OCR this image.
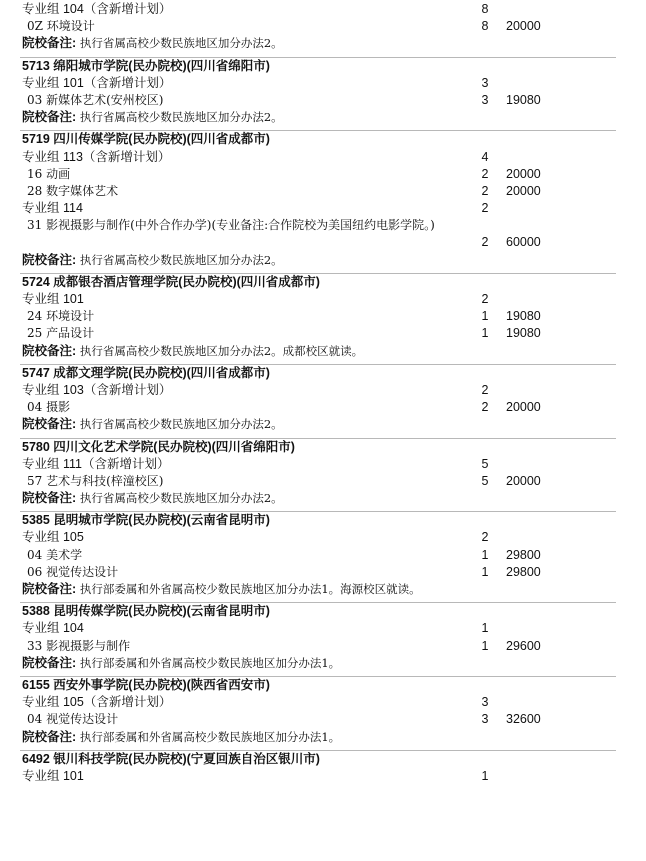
专业组 104（含新增计划）	8
0Z 环境设计	8 20000
院校备注: 执行省属高校少数民族地区加分办法2。
5713 绵阳城市学院(民办院校)(四川省绵阳市)
专业组 101（含新增计划）	3
03 新媒体艺术(安州校区)	3 19080
院校备注: 执行省属高校少数民族地区加分办法2。
5719 四川传媒学院(民办院校)(四川省成都市)
专业组 113（含新增计划）	4
16 动画	2 20000
28 数字媒体艺术	2 20000
专业组 114	2
31 影视摄影与制作(中外合作办学)(专业备注:合作院校为美国纽约电影学院。)
2 60000
院校备注: 执行省属高校少数民族地区加分办法2。
5724 成都银杏酒店管理学院(民办院校)(四川省成都市)
专业组 101	2
24 环境设计	1 19080
25 产品设计	1 19080
院校备注: 执行省属高校少数民族地区加分办法2。成都校区就读。
5747 成都文理学院(民办院校)(四川省成都市)
专业组 103（含新增计划）	2
04 摄影	2 20000
院校备注: 执行省属高校少数民族地区加分办法2。
5780 四川文化艺术学院(民办院校)(四川省绵阳市)
专业组 111（含新增计划）	5
57 艺术与科技(梓潼校区)	5 20000
院校备注: 执行省属高校少数民族地区加分办法2。
5385 昆明城市学院(民办院校)(云南省昆明市)
专业组 105	2
04 美术学	1 29800
06 视觉传达设计	1 29800
院校备注: 执行部委属和外省属高校少数民族地区加分办法1。海源校区就读。
5388 昆明传媒学院(民办院校)(云南省昆明市)
专业组 104	1
33 影视摄影与制作	1 29600
院校备注: 执行部委属和外省属高校少数民族地区加分办法1。
6155 西安外事学院(民办院校)(陕西省西安市)
专业组 105（含新增计划）	3
04 视觉传达设计	3 32600
院校备注: 执行部委属和外省属高校少数民族地区加分办法1。
6492 银川科技学院(民办院校)(宁夏回族自治区银川市)
专业组 101	1
